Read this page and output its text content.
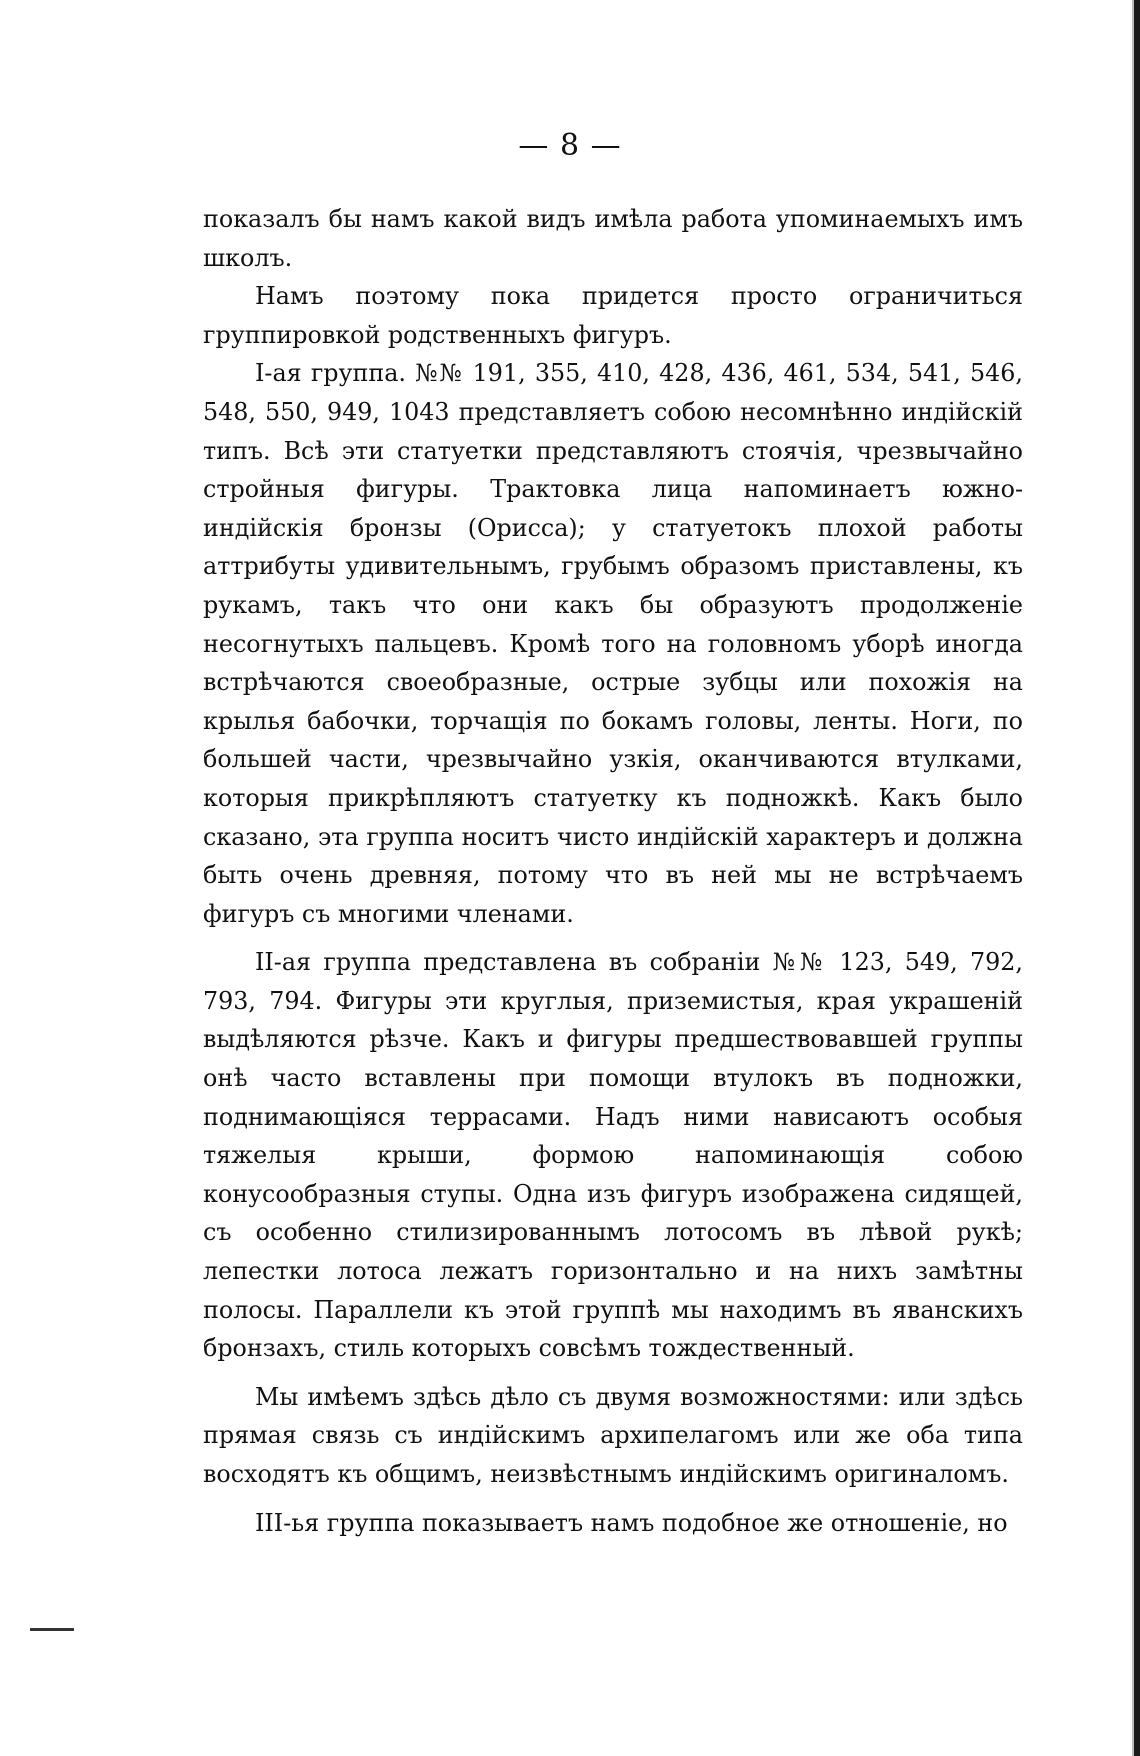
— 8 —

показалъ бы намъ какой видъ имѣла работа упоминаемыхъ имъ школъ.

Намъ поэтому пока придется просто ограничиться группировкой родственныхъ фигуръ.

I-ая группа. №№ 191, 355, 410, 428, 436, 461, 534, 541, 546, 548, 550, 949, 1043 представляетъ собою несомнѣнно индійскій типъ. Всѣ эти статуетки представляютъ стоячія, чрезвычайно стройныя фигуры. Трактовка лица напоминаетъ южно-индійскія бронзы (Орисса); у статуетокъ плохой работы аттрибуты удивительнымъ, грубымъ образомъ приставлены, къ рукамъ, такъ что они какъ бы образуютъ продолженіе несогнутыхъ пальцевъ. Кромѣ того на головномъ уборѣ иногда встрѣчаются своеобразные, острые зубцы или похожія на крылья бабочки, торчащія по бокамъ головы, ленты. Ноги, по большей части, чрезвычайно узкія, оканчиваются втулками, которыя прикрѣпляютъ статуетку къ подножкѣ. Какъ было сказано, эта группа носитъ чисто индійскій характеръ и должна быть очень древняя, потому что въ ней мы не встрѣчаемъ фигуръ съ многими членами.

II-ая группа представлена въ собраніи №№ 123, 549, 792, 793, 794. Фигуры эти круглыя, приземистыя, края украшеній выдѣляются рѣзче. Какъ и фигуры предшествовавшей группы онѣ часто вставлены при помощи втулокъ въ подножки, поднимающіяся террасами. Надъ ними нависаютъ особыя тяжелыя крыши, формою напоминающія собою конусообразныя ступы. Одна изъ фигуръ изображена сидящей, съ особенно стилизированнымъ лотосомъ въ лѣвой рукѣ; лепестки лотоса лежатъ горизонтально и на нихъ замѣтны полосы. Параллели къ этой группѣ мы находимъ въ яванскихъ бронзахъ, стиль которыхъ совсѣмъ тождественный.

Мы имѣемъ здѣсь дѣло съ двумя возможностями: или здѣсь прямая связь съ индійскимъ архипелагомъ или же оба типа восходятъ къ общимъ, неизвѣстнымъ индійскимъ оригиналомъ.

III-ья группа показываетъ намъ подобное же отношеніе, но
